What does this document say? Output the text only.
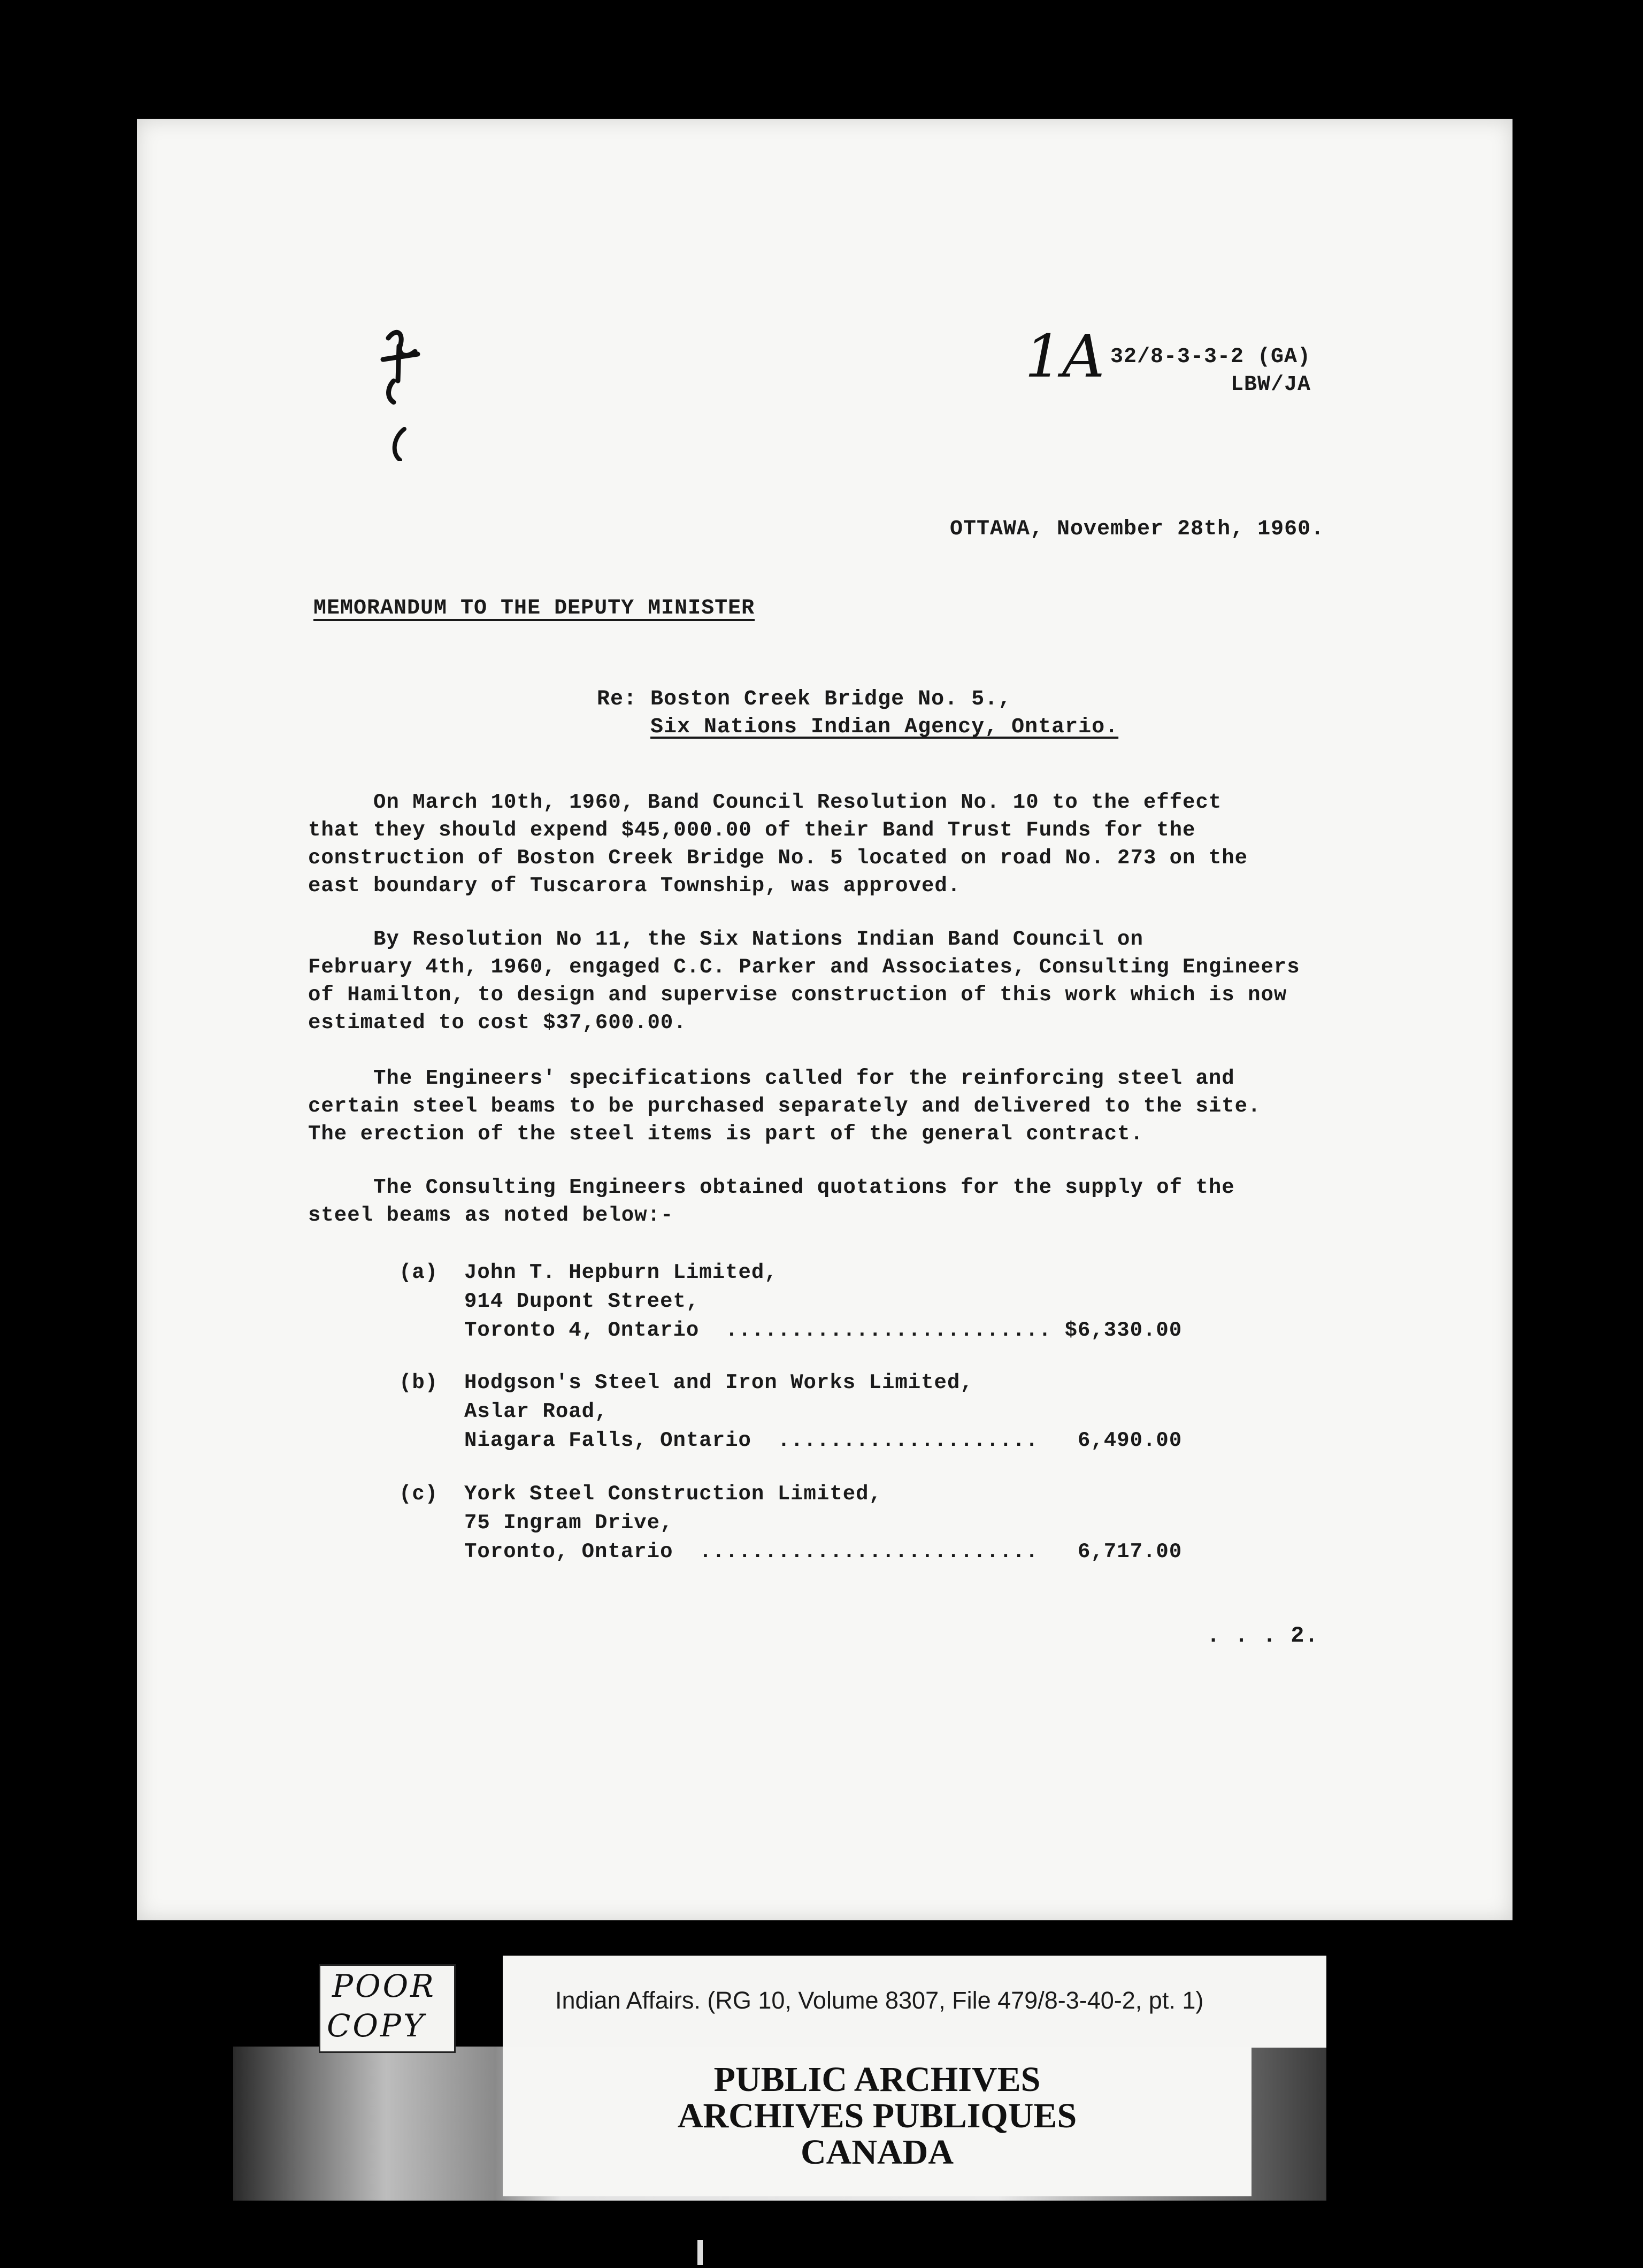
1A 32/8-3-3-2 (GA)
LBW/JA
OTTAWA, November 28th, 1960.
MEMORANDUM TO THE DEPUTY MINISTER
Re: Boston Creek Bridge No. 5.,
Six Nations Indian Agency, Ontario.
On March 10th, 1960, Band Council Resolution No. 10 to the effect
that they should expend $45,000.00 of their Band Trust Funds for the
construction of Boston Creek Bridge No. 5 located on road No. 273 on the
east boundary of Tuscarora Township, was approved.
By Resolution No 11, the Six Nations Indian Band Council on
February 4th, 1960, engaged C.C. Parker and Associates, Consulting Engineers
of Hamilton, to design and supervise construction of this work which is now
estimated to cost $37,600.00.
The Engineers' specifications called for the reinforcing steel and
certain steel beams to be purchased separately and delivered to the site.
The erection of the steel items is part of the general contract.
The Consulting Engineers obtained quotations for the supply of the
steel beams as noted below:-
(a)  John T. Hepburn Limited,
914 Dupont Street,
Toronto 4, Ontario  ......................... $6,330.00
(b)  Hodgson's Steel and Iron Works Limited,
Aslar Road,
Niagara Falls, Ontario  ....................   6,490.00
(c)  York Steel Construction Limited,
75 Ingram Drive,
Toronto, Ontario  ..........................   6,717.00
. . . 2.
POOR
COPY
Indian Affairs. (RG 10, Volume 8307, File 479/8-3-40-2, pt. 1)
PUBLIC ARCHIVES
ARCHIVES PUBLIQUES
CANADA
